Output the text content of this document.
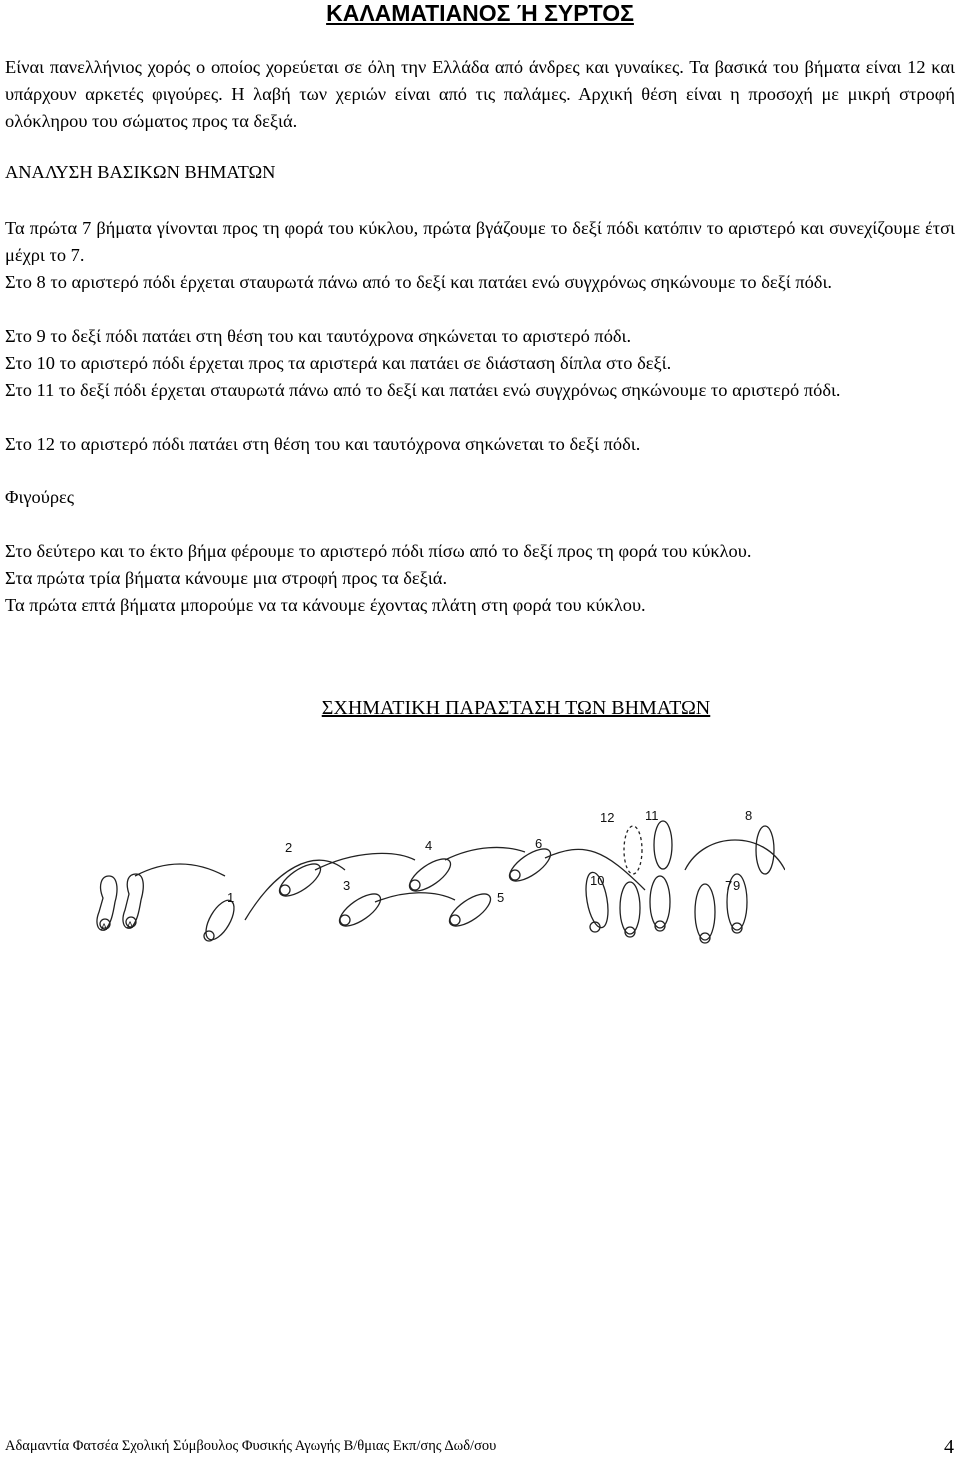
ΚΑΛΑΜΑΤΙΑΝΟΣ Ή ΣΥΡΤΟΣ

Είναι πανελλήνιος χορός ο οποίος χορεύεται σε όλη την Ελλάδα από άνδρες και γυναίκες. Τα βασικά του βήματα είναι 12 και υπάρχουν αρκετές φιγούρες. Η λαβή των χεριών είναι από τις παλάμες. Αρχική θέση είναι η προσοχή με μικρή στροφή ολόκληρου του σώματος προς τα δεξιά.

ΑΝΑΛΥΣΗ ΒΑΣΙΚΩΝ ΒΗΜΑΤΩΝ

Τα πρώτα 7 βήματα γίνονται προς τη φορά του κύκλου, πρώτα βγάζουμε το δεξί πόδι κατόπιν το αριστερό και συνεχίζουμε έτσι μέχρι το 7.

Στο 8 το αριστερό πόδι έρχεται σταυρωτά πάνω από το δεξί και πατάει ενώ συγχρόνως σηκώνουμε το δεξί πόδι.

Στο 9 το δεξί πόδι πατάει στη θέση του και ταυτόχρονα σηκώνεται το αριστερό πόδι.

Στο 10 το αριστερό πόδι έρχεται προς τα αριστερά και πατάει σε διάσταση δίπλα στο δεξί.

Στο 11 το δεξί πόδι έρχεται σταυρωτά πάνω από το δεξί και πατάει ενώ συγχρόνως σηκώνουμε το αριστερό πόδι.

Στο 12 το αριστερό πόδι πατάει στη θέση του και ταυτόχρονα σηκώνεται το δεξί πόδι.

Φιγούρες

Στο δεύτερο και το έκτο βήμα φέρουμε το αριστερό πόδι πίσω από το δεξί προς τη φορά του κύκλου.

Στα πρώτα τρία βήματα κάνουμε μια στροφή προς τα δεξιά.

Τα πρώτα επτά βήματα μπορούμε να τα κάνουμε έχοντας πλάτη στη φορά του κύκλου.

ΣΧΗΜΑΤΙΚΗ ΠΑΡΑΣΤΑΣΗ ΤΩΝ ΒΗΜΑΤΩΝ
1
2
3
4
5
6
7
8
9
10
11
12
Α Δ
Αδαμαντία Φατσέα Σχολική Σύμβουλος Φυσικής Αγωγής Β/θμιας Εκπ/σης Δωδ/σου	4
